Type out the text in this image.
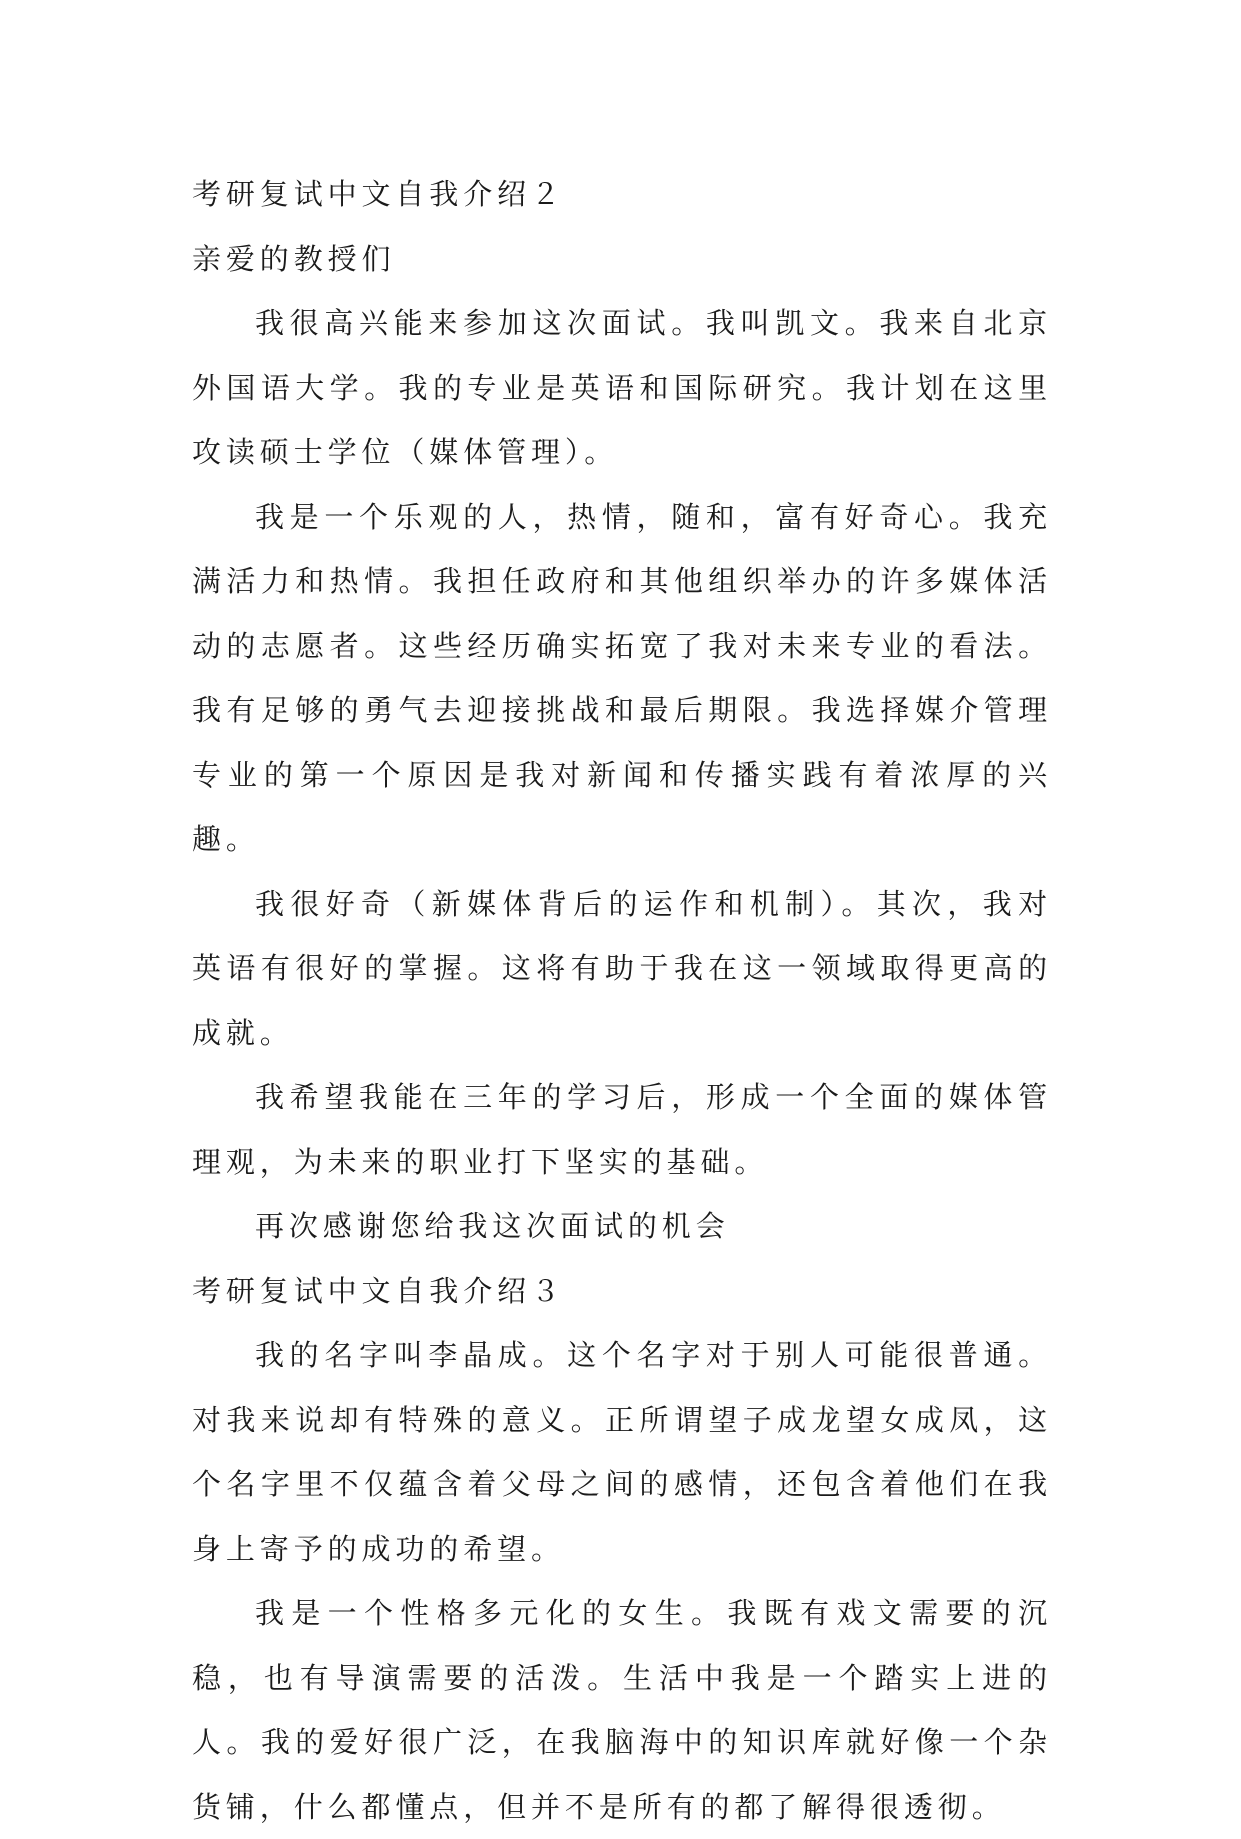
考研复试中文自我介绍２

亲爱的教授们

我很高兴能来参加这次面试。我叫凯文。我来自北京外国语大学。我的专业是英语和国际研究。我计划在这里攻读硕士学位（媒体管理）。

我是一个乐观的人，热情，随和，富有好奇心。我充满活力和热情。我担任政府和其他组织举办的许多媒体活动的志愿者。这些经历确实拓宽了我对未来专业的看法。我有足够的勇气去迎接挑战和最后期限。我选择媒介管理专业的第一个原因是我对新闻和传播实践有着浓厚的兴趣。

我很好奇（新媒体背后的运作和机制）。其次，我对英语有很好的掌握。这将有助于我在这一领域取得更高的成就。

我希望我能在三年的学习后，形成一个全面的媒体管理观，为未来的职业打下坚实的基础。

再次感谢您给我这次面试的机会

考研复试中文自我介绍３

我的名字叫李晶成。这个名字对于别人可能很普通。对我来说却有特殊的意义。正所谓望子成龙望女成凤，这个名字里不仅蕴含着父母之间的感情，还包含着他们在我身上寄予的成功的希望。

我是一个性格多元化的女生。我既有戏文需要的沉稳，也有导演需要的活泼。生活中我是一个踏实上进的人。我的爱好很广泛，在我脑海中的知识库就好像一个杂货铺，什么都懂点，但并不是所有的都了解得很透彻。
